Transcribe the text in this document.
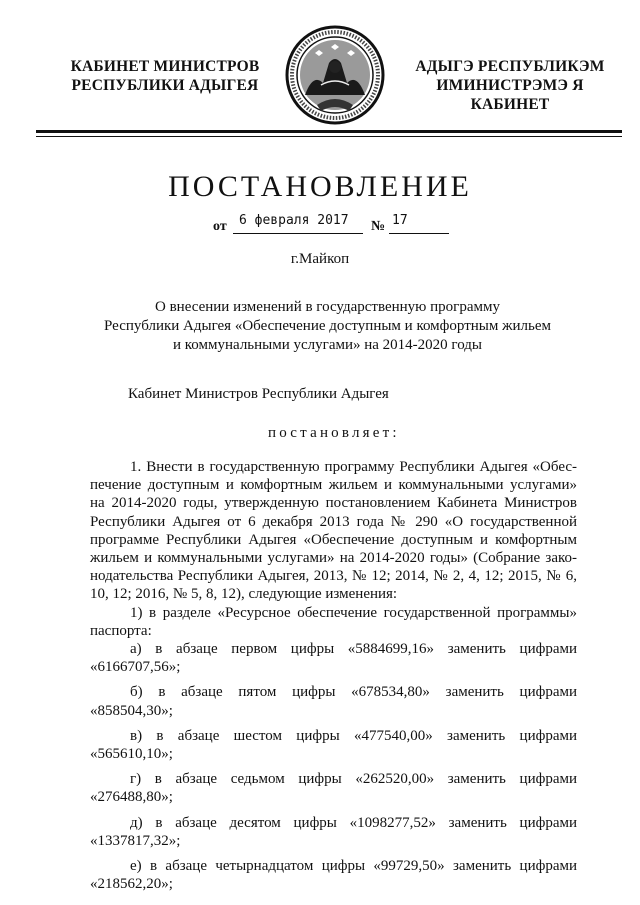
КАБИНЕТ МИНИСТРОВ
РЕСПУБЛИКИ АДЫГЕЯ
АДЫГЭ РЕСПУБЛИКЭМ
ИМИНИСТРЭМЭ Я КАБИНЕТ
ПОСТАНОВЛЕНИЕ
от 6 февраля 2017 № 17
г.Майкоп
О внесении изменений в государственную программу
Республики Адыгея «Обеспечение доступным и комфортным жильем
и коммунальными услугами» на 2014-2020 годы
Кабинет Министров Республики Адыгея
постановляет:

1. Внести в государственную программу Республики Адыгея «Обес-

печение доступным и комфортным жильем и коммунальными услугами»

на 2014-2020 годы, утвержденную постановлением Кабинета Министров

Республики Адыгея от 6 декабря 2013 года № 290 «О государственной

программе Республики Адыгея «Обеспечение доступным и комфортным

жильем и коммунальными услугами» на 2014-2020 годы» (Собрание зако-

нодательства Республики Адыгея, 2013, № 12; 2014, № 2, 4, 12; 2015, № 6,

10, 12; 2016, № 5, 8, 12), следующие изменения:

1) в разделе «Ресурсное обеспечение государственной программы»

паспорта:

а) в абзаце первом цифры «5884699,16» заменить цифрами

«6166707,56»;

б) в абзаце пятом цифры «678534,80» заменить цифрами

«858504,30»;

в) в абзаце шестом цифры «477540,00» заменить цифрами

«565610,10»;

г) в абзаце седьмом цифры «262520,00» заменить цифрами

«276488,80»;

д) в абзаце десятом цифры «1098277,52» заменить цифрами

«1337817,32»;

е) в абзаце четырнадцатом цифры «99729,50» заменить цифрами

«218562,20»;
